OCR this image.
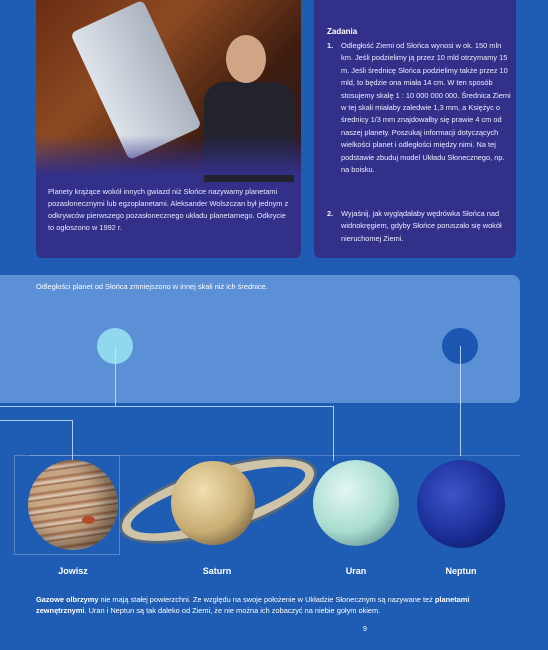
Planety krążące wokół innych gwiazd niż Słońce nazywamy planetami pozasłonecznymi lub egzoplanetami. Aleksander Wolszczan był jednym z odkrywców pierwszego pozasłonecznego układu planetarnego. Odkrycie to ogłoszono w 1992 r.
Zadania
1. Odległość Ziemi od Słońca wynosi w ok. 150 mln km. Jeśli podzielimy ją przez 10 mld otrzymamy 15 m. Jeśli średnicę Słońca podzielimy także przez 10 mld, to będzie ona miała 14 cm. W ten sposób stosujemy skalę 1 : 10 000 000 000. Średnica Ziemi w tej skali miałaby zaledwie 1,3 mm, a Księżyc o średnicy 1/3 mm znajdowałby się prawie 4 cm od naszej planety. Poszukaj informacji dotyczących wielkości planet i odległości między nimi. Na tej podstawie zbuduj model Układu Słonecznego, np. na boisku.
2. Wyjaśnij, jak wyglądałaby wędrówka Słońca nad widnokręgiem, gdyby Słońce poruszało się wokół nieruchomej Ziemi.
Odległości planet od Słońca zmniejszono w innej skali niż ich średnice.
Jowisz	Saturn	Uran	Neptun
Gazowe olbrzymy nie mają stałej powierzchni. Ze względu na swoje położenie w Układzie Słonecznym są nazywane też planetami zewnętrznymi. Uran i Neptun są tak daleko od Ziemi, że nie można ich zobaczyć na niebie gołym okiem.
9
